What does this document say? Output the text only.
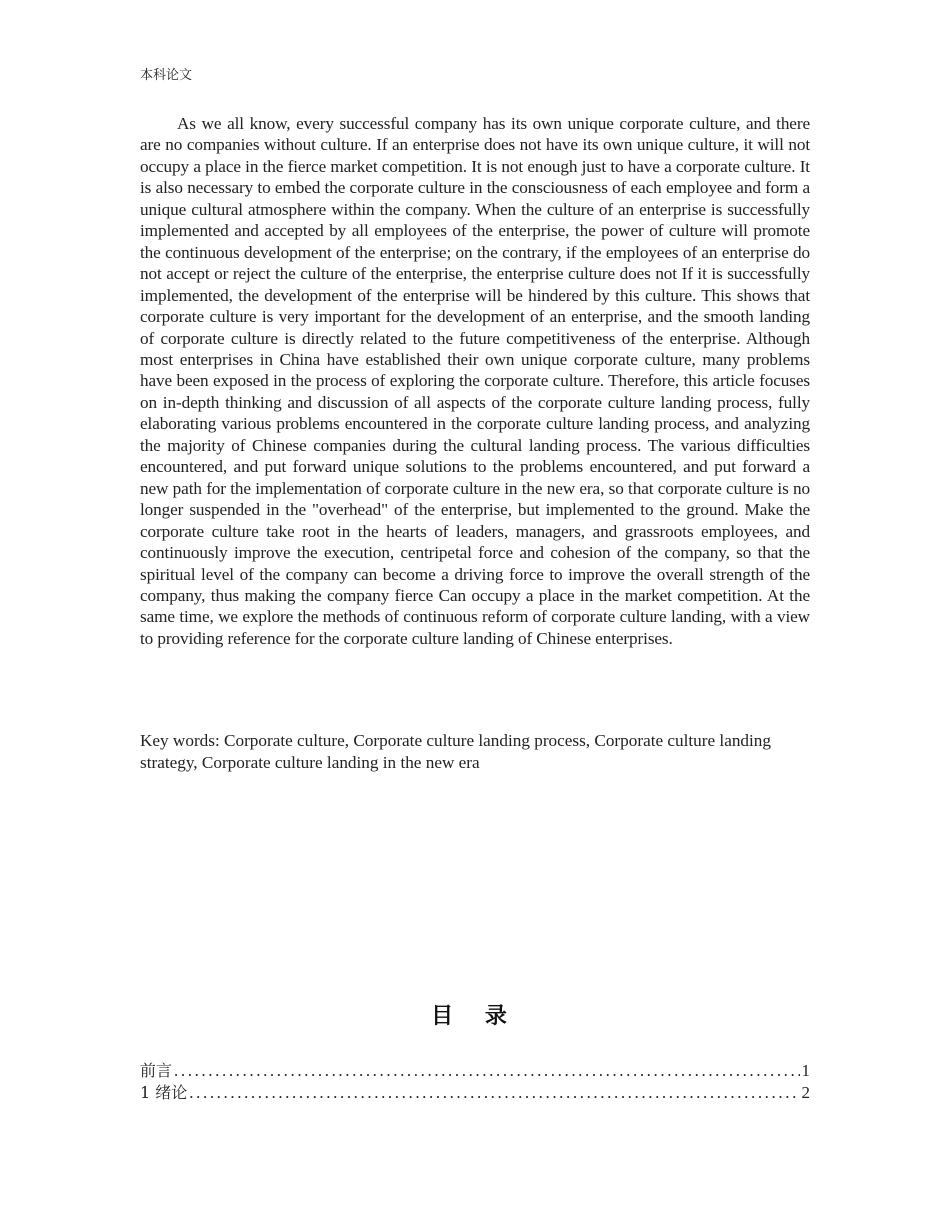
本科论文

As we all know, every successful company has its own unique corporate culture, and there are no companies without culture. If an enterprise does not have its own unique culture, it will not occupy a place in the fierce market competition. It is not enough just to have a corporate culture. It is also necessary to embed the corporate culture in the consciousness of each employee and form a unique cultural atmosphere within the company. When the culture of an enterprise is successfully implemented and accepted by all employees of the enterprise, the power of culture will promote the continuous development of the enterprise; on the contrary, if the employees of an enterprise do not accept or reject the culture of the enterprise, the enterprise culture does not If it is successfully implemented, the development of the enterprise will be hindered by this culture. This shows that corporate culture is very important for the development of an enterprise, and the smooth landing of corporate culture is directly related to the future competitiveness of the enterprise. Although most enterprises in China have established their own unique corporate culture, many problems have been exposed in the process of exploring the corporate culture. Therefore, this article focuses on in-depth thinking and discussion of all aspects of the corporate culture landing process, fully elaborating various problems encountered in the corporate culture landing process, and analyzing the majority of Chinese companies during the cultural landing process. The various difficulties encountered, and put forward unique solutions to the problems encountered, and put forward a new path for the implementation of corporate culture in the new era, so that corporate culture is no longer suspended in the "overhead" of the enterprise, but implemented to the ground. Make the corporate culture take root in the hearts of leaders, managers, and grassroots employees, and continuously improve the execution, centripetal force and cohesion of the company, so that the spiritual level of the company can become a driving force to improve the overall strength of the company, thus making the company fierce Can occupy a place in the market competition. At the same time, we explore the methods of continuous reform of corporate culture landing, with a view to providing reference for the corporate culture landing of Chinese enterprises.

Key words: Corporate culture, Corporate culture landing process, Corporate culture landing strategy, Corporate culture landing in the new era

目 录
前言 .....	1
1 绪论 .....	2
